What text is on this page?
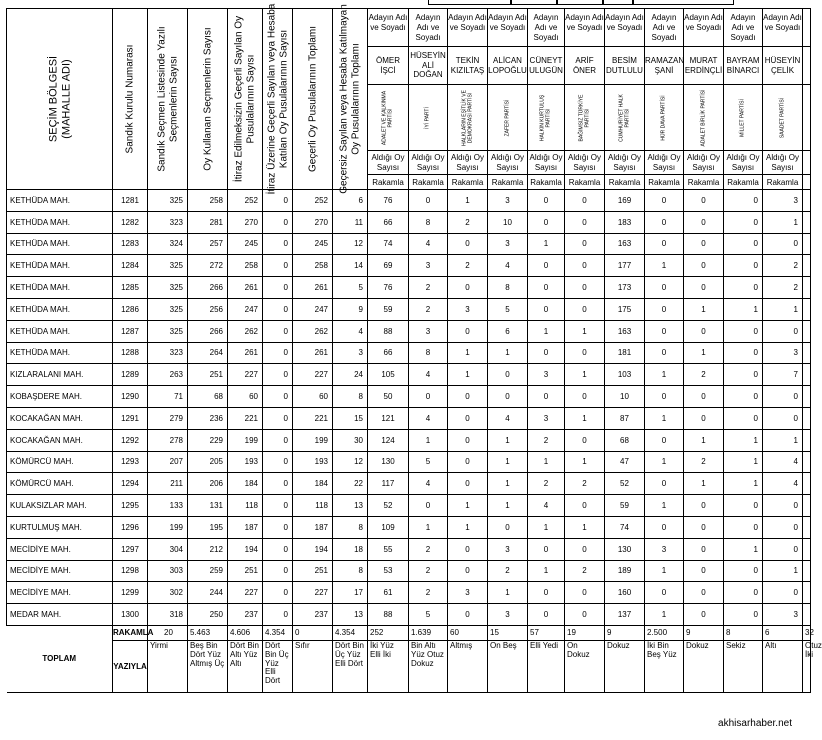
SEÇİM BÖLGESİ
(MAHALLE ADI)	Sandık Kurulu Numarası	Sandık Seçmen Listesinde Yazılı
Seçmenlerin Sayısı	Oy Kullanan Seçmenlerin Sayısı	İtiraz Edilmeksizin Geçerli Sayılan Oy
Pusulalarının Sayısı	İtiraz Üzerine Geçerli Sayılan veya Hesaba
Katılan Oy Pusulalarının Sayısı	Geçerli Oy Pusulalarının Toplamı	Geçersiz Sayılan veya Hesaba Katılmayan
Oy Pusulalarının Toplamı	Adayın Adı ve Soyadı	Adayın Adı ve Soyadı	Adayın Adı ve Soyadı	Adayın Adı ve Soyadı	Adayın Adı ve Soyadı	Adayın Adı ve Soyadı	Adayın Adı ve Soyadı	Adayın Adı ve Soyadı	Adayın Adı ve Soyadı	Adayın Adı ve Soyadı	Adayın Adı ve Soyadı	

								ÖMER İŞCİ	HÜSEYİN ALİ DOĞAN	TEKİN KIZILTAŞ	ALİCAN LOPOĞLU	CÜNEYT ULUGÜN	ARİF ÖNER	BESİM DUTLULU	RAMAZAN ŞANİ	MURAT ERDİNÇLİ	BAYRAM BİNARCI	HÜSEYİN ÇELİK	

								ADALET VE KALKINMA PARTİSİ	İYİ PARTİ	HALKLARIN EŞİTLİK VE DEMOKRASİ PARTİSİ	ZAFER PARTİSİ	HALKIN KURTULUŞ PARTİSİ	BAĞIMSIZ TÜRKİYE PARTİSİ	CUMHURİYET HALK PARTİSİ	HÜR DAVA PARTİSİ	ADALET BİRLİK PARTİSİ	MİLLET PARTİSİ	SAADET PARTİSİ	

								Aldığı Oy Sayısı	Aldığı Oy Sayısı	Aldığı Oy Sayısı	Aldığı Oy Sayısı	Aldığı Oy Sayısı	Aldığı Oy Sayısı	Aldığı Oy Sayısı	Aldığı Oy Sayısı	Aldığı Oy Sayısı	Aldığı Oy Sayısı	Aldığı Oy Sayısı	
								Rakamla	Rakamla	Rakamla	Rakamla	Rakamla	Rakamla	Rakamla	Rakamla	Rakamla	Rakamla	Rakamla	
KETHÜDA MAH.	1281	325	258	252	0	252	6	76	0	1	3	0	0	169	0	0	0	3	
KETHÜDA MAH.	1282	323	281	270	0	270	11	66	8	2	10	0	0	183	0	0	0	1	
KETHÜDA MAH.	1283	324	257	245	0	245	12	74	4	0	3	1	0	163	0	0	0	0	
KETHÜDA MAH.	1284	325	272	258	0	258	14	69	3	2	4	0	0	177	1	0	0	2	
KETHÜDA MAH.	1285	325	266	261	0	261	5	76	2	0	8	0	0	173	0	0	0	2	
KETHÜDA MAH.	1286	325	256	247	0	247	9	59	2	3	5	0	0	175	0	1	1	1	
KETHÜDA MAH.	1287	325	266	262	0	262	4	88	3	0	6	1	1	163	0	0	0	0	
KETHÜDA MAH.	1288	323	264	261	0	261	3	66	8	1	1	0	0	181	0	1	0	3	
KIZLARALANI MAH.	1289	263	251	227	0	227	24	105	4	1	0	3	1	103	1	2	0	7	
KOBAŞDERE MAH.	1290	71	68	60	0	60	8	50	0	0	0	0	0	10	0	0	0	0	
KOCAKAĞAN MAH.	1291	279	236	221	0	221	15	121	4	0	4	3	1	87	1	0	0	0	
KOCAKAĞAN MAH.	1292	278	229	199	0	199	30	124	1	0	1	2	0	68	0	1	1	1	
KÖMÜRCÜ MAH.	1293	207	205	193	0	193	12	130	5	0	1	1	1	47	1	2	1	4	
KÖMÜRCÜ MAH.	1294	211	206	184	0	184	22	117	4	0	1	2	2	52	0	1	1	4	
KULAKSIZLAR MAH.	1295	133	131	118	0	118	13	52	0	1	1	4	0	59	1	0	0	0	
KURTULMUŞ MAH.	1296	199	195	187	0	187	8	109	1	1	0	1	1	74	0	0	0	0	
MECİDİYE MAH.	1297	304	212	194	0	194	18	55	2	0	3	0	0	130	3	0	1	0	
MECİDİYE MAH.	1298	303	259	251	0	251	8	53	2	0	2	1	2	189	1	0	0	1	
MECİDİYE MAH.	1299	302	244	227	0	227	17	61	2	3	1	0	0	160	0	0	0	0	
MEDAR MAH.	1300	318	250	237	0	237	13	88	5	0	3	0	0	137	1	0	0	3	
TOPLAM	RAKAMLA	20	5.463	4.606	4.354	0	4.354	252	1.639	60	15	57	19	9	2.500	9	8	6	32
	YAZIYLA	Yirmi	Beş Bin Dört Yüz Altmış Üç	Dört Bin Altı Yüz Altı	Dört Bin Üç Yüz Elli Dört	Sıfır	Dört Bin Üç Yüz Elli Dört	İki Yüz Elli İki	Bin Altı Yüz Otuz Dokuz	Altmış	On Beş	Elli Yedi	On Dokuz	Dokuz	İki Bin Beş Yüz	Dokuz	Sekiz	Altı	Otuz İki
akhisarhaber.net
